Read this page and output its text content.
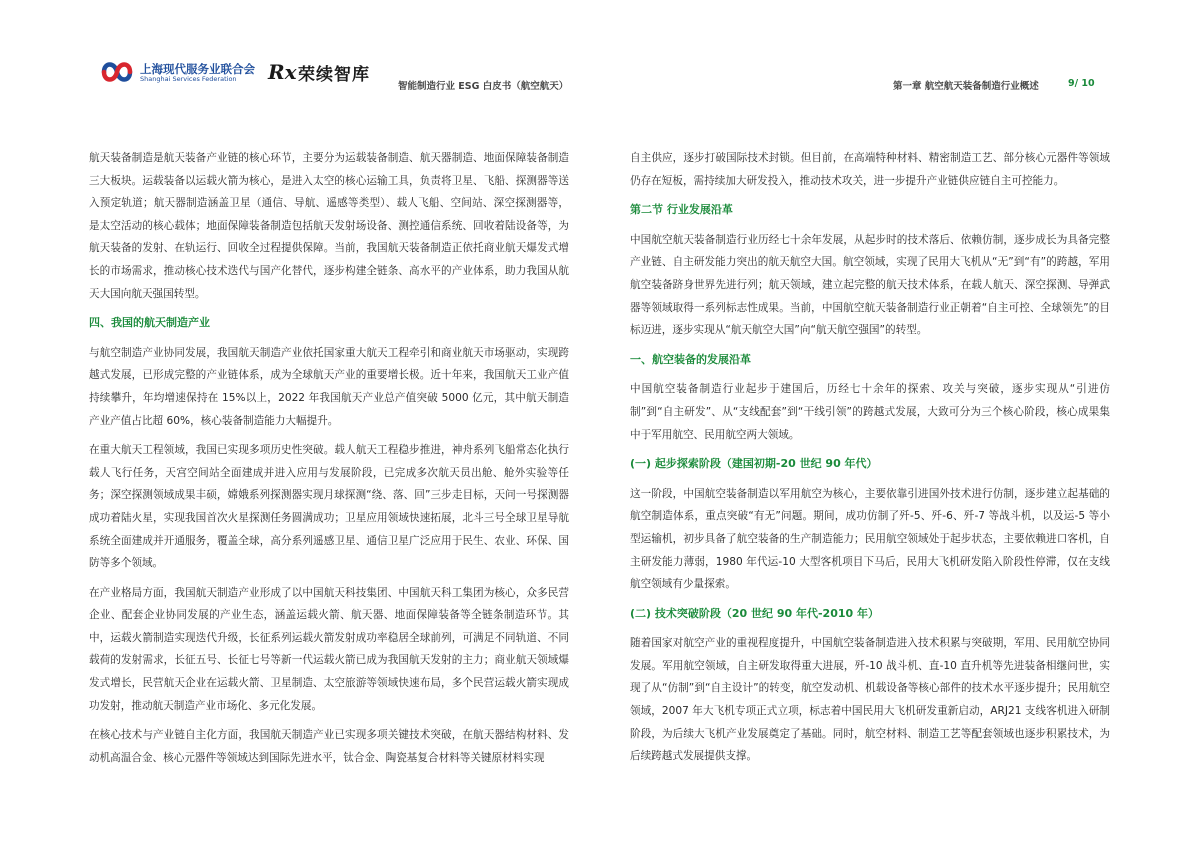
上海现代服务业联合会
Shanghai Services Federation Rx 荣续智库
智能制造行业 ESG 白皮书（航空航天）	第一章 航空航天装备制造行业概述	9/ 10

航天装备制造是航天装备产业链的核心环节，主要分为运载装备制造、航天器制造、地面保障装备制造三大板块。运载装备以运载火箭为核心，是进入太空的核心运输工具，负责将卫星、飞船、探测器等送入预定轨道；航天器制造涵盖卫星（通信、导航、遥感等类型）、载人飞船、空间站、深空探测器等，是太空活动的核心载体；地面保障装备制造包括航天发射场设备、测控通信系统、回收着陆设备等，为航天装备的发射、在轨运行、回收全过程提供保障。当前，我国航天装备制造正依托商业航天爆发式增长的市场需求，推动核心技术迭代与国产化替代，逐步构建全链条、高水平的产业体系，助力我国从航天大国向航天强国转型。

四、我国的航天制造产业

与航空制造产业协同发展，我国航天制造产业依托国家重大航天工程牵引和商业航天市场驱动，实现跨越式发展，已形成完整的产业链体系，成为全球航天产业的重要增长极。近十年来，我国航天工业产值持续攀升，年均增速保持在 15%以上，2022 年我国航天产业总产值突破 5000 亿元，其中航天制造产业产值占比超 60%，核心装备制造能力大幅提升。

在重大航天工程领域，我国已实现多项历史性突破。载人航天工程稳步推进，神舟系列飞船常态化执行载人飞行任务，天宫空间站全面建成并进入应用与发展阶段，已完成多次航天员出舱、舱外实验等任务；深空探测领域成果丰硕，嫦娥系列探测器实现月球探测“绕、落、回”三步走目标，天问一号探测器成功着陆火星，实现我国首次火星探测任务圆满成功；卫星应用领域快速拓展，北斗三号全球卫星导航系统全面建成并开通服务，覆盖全球，高分系列遥感卫星、通信卫星广泛应用于民生、农业、环保、国防等多个领域。

在产业格局方面，我国航天制造产业形成了以中国航天科技集团、中国航天科工集团为核心，众多民营企业、配套企业协同发展的产业生态，涵盖运载火箭、航天器、地面保障装备等全链条制造环节。其中，运载火箭制造实现迭代升级，长征系列运载火箭发射成功率稳居全球前列，可满足不同轨道、不同载荷的发射需求，长征五号、长征七号等新一代运载火箭已成为我国航天发射的主力；商业航天领域爆发式增长，民营航天企业在运载火箭、卫星制造、太空旅游等领域快速布局，多个民营运载火箭实现成功发射，推动航天制造产业市场化、多元化发展。

在核心技术与产业链自主化方面，我国航天制造产业已实现多项关键技术突破，在航天器结构材料、发动机高温合金、核心元器件等领域达到国际先进水平，钛合金、陶瓷基复合材料等关键原材料实现

自主供应，逐步打破国际技术封锁。但目前，在高端特种材料、精密制造工艺、部分核心元器件等领域仍存在短板，需持续加大研发投入，推动技术攻关，进一步提升产业链供应链自主可控能力。

第二节 行业发展沿革

中国航空航天装备制造行业历经七十余年发展，从起步时的技术落后、依赖仿制，逐步成长为具备完整产业链、自主研发能力突出的航天航空大国。航空领域，实现了民用大飞机从“无”到“有”的跨越，军用航空装备跻身世界先进行列；航天领域，建立起完整的航天技术体系，在载人航天、深空探测、导弹武器等领域取得一系列标志性成果。当前，中国航空航天装备制造行业正朝着“自主可控、全球领先”的目标迈进，逐步实现从“航天航空大国”向“航天航空强国”的转型。

一、航空装备的发展沿革

中国航空装备制造行业起步于建国后，历经七十余年的探索、攻关与突破，逐步实现从“引进仿制”到“自主研发”、从“支线配套”到“干线引领”的跨越式发展，大致可分为三个核心阶段，核心成果集中于军用航空、民用航空两大领域。

(一) 起步探索阶段（建国初期-20 世纪 90 年代）

这一阶段，中国航空装备制造以军用航空为核心，主要依靠引进国外技术进行仿制，逐步建立起基础的航空制造体系，重点突破“有无”问题。期间，成功仿制了歼-5、歼-6、歼-7 等战斗机，以及运-5 等小型运输机，初步具备了航空装备的生产制造能力；民用航空领域处于起步状态，主要依赖进口客机，自主研发能力薄弱，1980 年代运-10 大型客机项目下马后，民用大飞机研发陷入阶段性停滞，仅在支线航空领域有少量探索。

(二) 技术突破阶段（20 世纪 90 年代-2010 年）

随着国家对航空产业的重视程度提升，中国航空装备制造进入技术积累与突破期，军用、民用航空协同发展。军用航空领域，自主研发取得重大进展，歼-10 战斗机、直-10 直升机等先进装备相继问世，实现了从“仿制”到“自主设计”的转变，航空发动机、机载设备等核心部件的技术水平逐步提升；民用航空领域，2007 年大飞机专项正式立项，标志着中国民用大飞机研发重新启动，ARJ21 支线客机进入研制阶段，为后续大飞机产业发展奠定了基础。同时，航空材料、制造工艺等配套领域也逐步积累技术，为后续跨越式发展提供支撑。
